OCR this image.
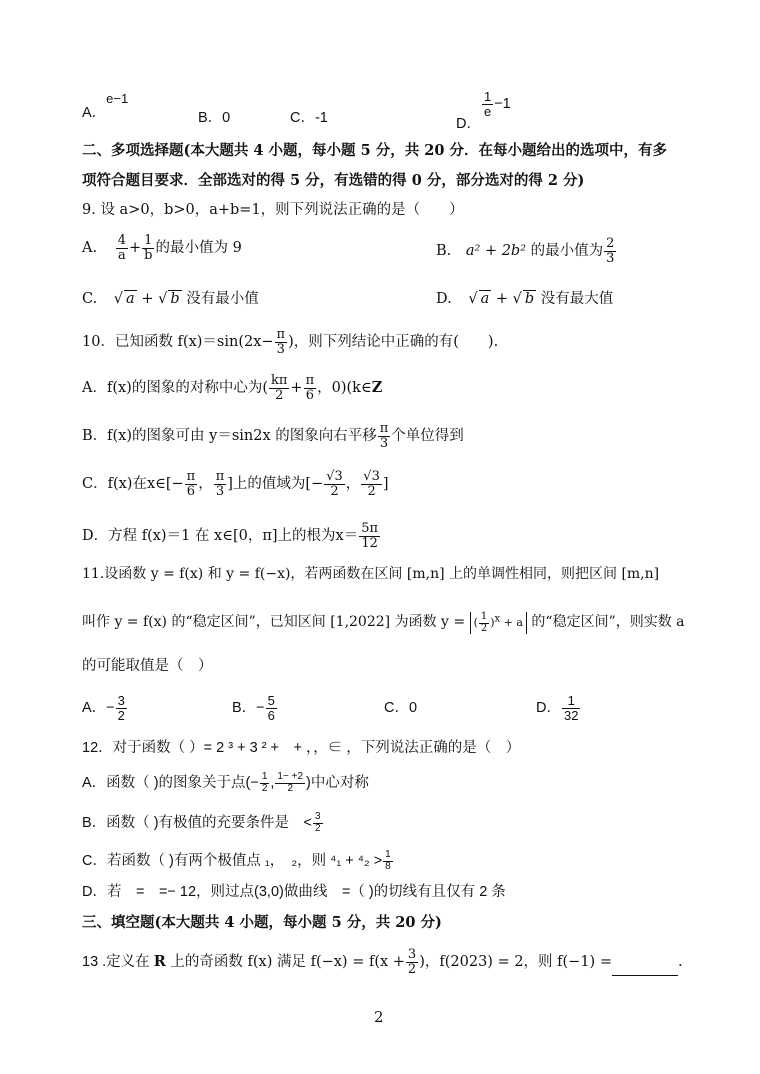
A．e−1
B．0	C．-1	D．
$\frac{1}{e} -1$
二、多项选择题(本大题共 4 小题，每小题 5 分，共 20 分．在每小题给出的选项中，有多
项符合题目要求．全部选对的得 5 分，有选错的得 0 分，部分选对的得 2 分)
9. 设 a>0，b>0，a+b=1，则下列说法正确的是（　　）
A. $\frac{4}{a} + \frac{1}{b}$ 的最小值为 9	B. a² + 2b² 的最小值为 $\frac{2}{3}$
C. √ a + √ b 没有最小值	D. √ a + √ b 没有最大值
10．已知函数 $f(x)=\sin(2x- \frac{\pi}{3}$ )，则下列结论中正确的有(　　).
A．f(x)的图象的对称中心为( $\frac{k\pi}{2} + \frac{\pi}{6}$ ，0)(k∈Z
B．f(x)的图象可由 y＝sin2x 的图象向右平移 $\frac{\pi}{3}$ 个单位得到
C．f(x)在x∈[− $\frac{\pi}{6}$ ， $\frac{\pi}{3}$ ]上的值域为[− $\frac{√3}{2}$ ， $\frac{√3}{2}$ ]
D．方程 f(x)＝1 在 x∈[0，π]上的根为$x= \frac{5\pi}{12}$
11.设函数 y = f(x) 和 y = f(−x)，若两函数在区间 [m,n] 上的单调性相同，则把区间 [m,n]
叫作 y = f(x) 的“稳定区间”，已知区间 [1,2022] 为函数 y = ( $\frac{1}{2} )^x + a$ 的“稳定区间”，则实数 a
的可能取值是（　）
A．− $\frac{3}{2}$	B．− $\frac{5}{6}$	C．0	D． $\frac{1}{32}$
12．对于函数（ ）= 2 ³ + 3 ² +　+ ，，∈ ，下列说法正确的是（　）
A．函数（ )的图象关于点(− $\frac{1}{2}$ , $\frac{1- +2}{2}$ )中心对称
B．函数（ )有极值的充要条件是　< $\frac{3}{2}$
C．若函数（ )有两个极值点 ₁，　₂，则 $^4_1 + ^4_2 > \frac{1}{8}$
D．若　=　=− 12，则过点(3,0)做曲线　=（ )的切线有且仅有 2 条
三、填空题(本大题共 4 小题，每小题 5 分，共 20 分)
13 .定义在 R 上的奇函数 f(x) 满足 $f(-x) = f(x + \frac{3}{2}$ )，f(2023) = 2，则 f(−1) =	.
2
